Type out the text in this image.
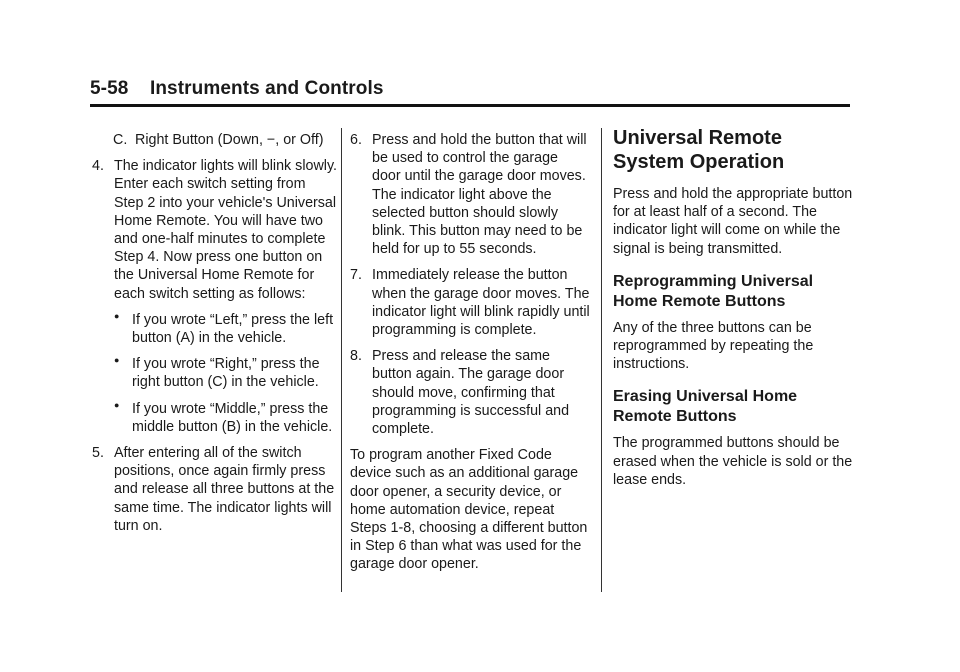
5-58    Instruments and Controls
C. Right Button (Down, −, or Off)
4. The indicator lights will blink slowly. Enter each switch setting from Step 2 into your vehicle's Universal Home Remote. You will have two and one-half minutes to complete Step 4. Now press one button on the Universal Home Remote for each switch setting as follows:
● If you wrote “Left,” press the left button (A) in the vehicle.
● If you wrote “Right,” press the right button (C) in the vehicle.
● If you wrote “Middle,” press the middle button (B) in the vehicle.
5. After entering all of the switch positions, once again firmly press and release all three buttons at the same time. The indicator lights will turn on.
6. Press and hold the button that will be used to control the garage door until the garage door moves. The indicator light above the selected button should slowly blink. This button may need to be held for up to 55 seconds.
7. Immediately release the button when the garage door moves. The indicator light will blink rapidly until programming is complete.
8. Press and release the same button again. The garage door should move, confirming that programming is successful and complete.
To program another Fixed Code device such as an additional garage door opener, a security device, or home automation device, repeat Steps 1-8, choosing a different button in Step 6 than what was used for the garage door opener.
Universal Remote System Operation
Press and hold the appropriate button for at least half of a second. The indicator light will come on while the signal is being transmitted.
Reprogramming Universal Home Remote Buttons
Any of the three buttons can be reprogrammed by repeating the instructions.
Erasing Universal Home Remote Buttons
The programmed buttons should be erased when the vehicle is sold or the lease ends.
